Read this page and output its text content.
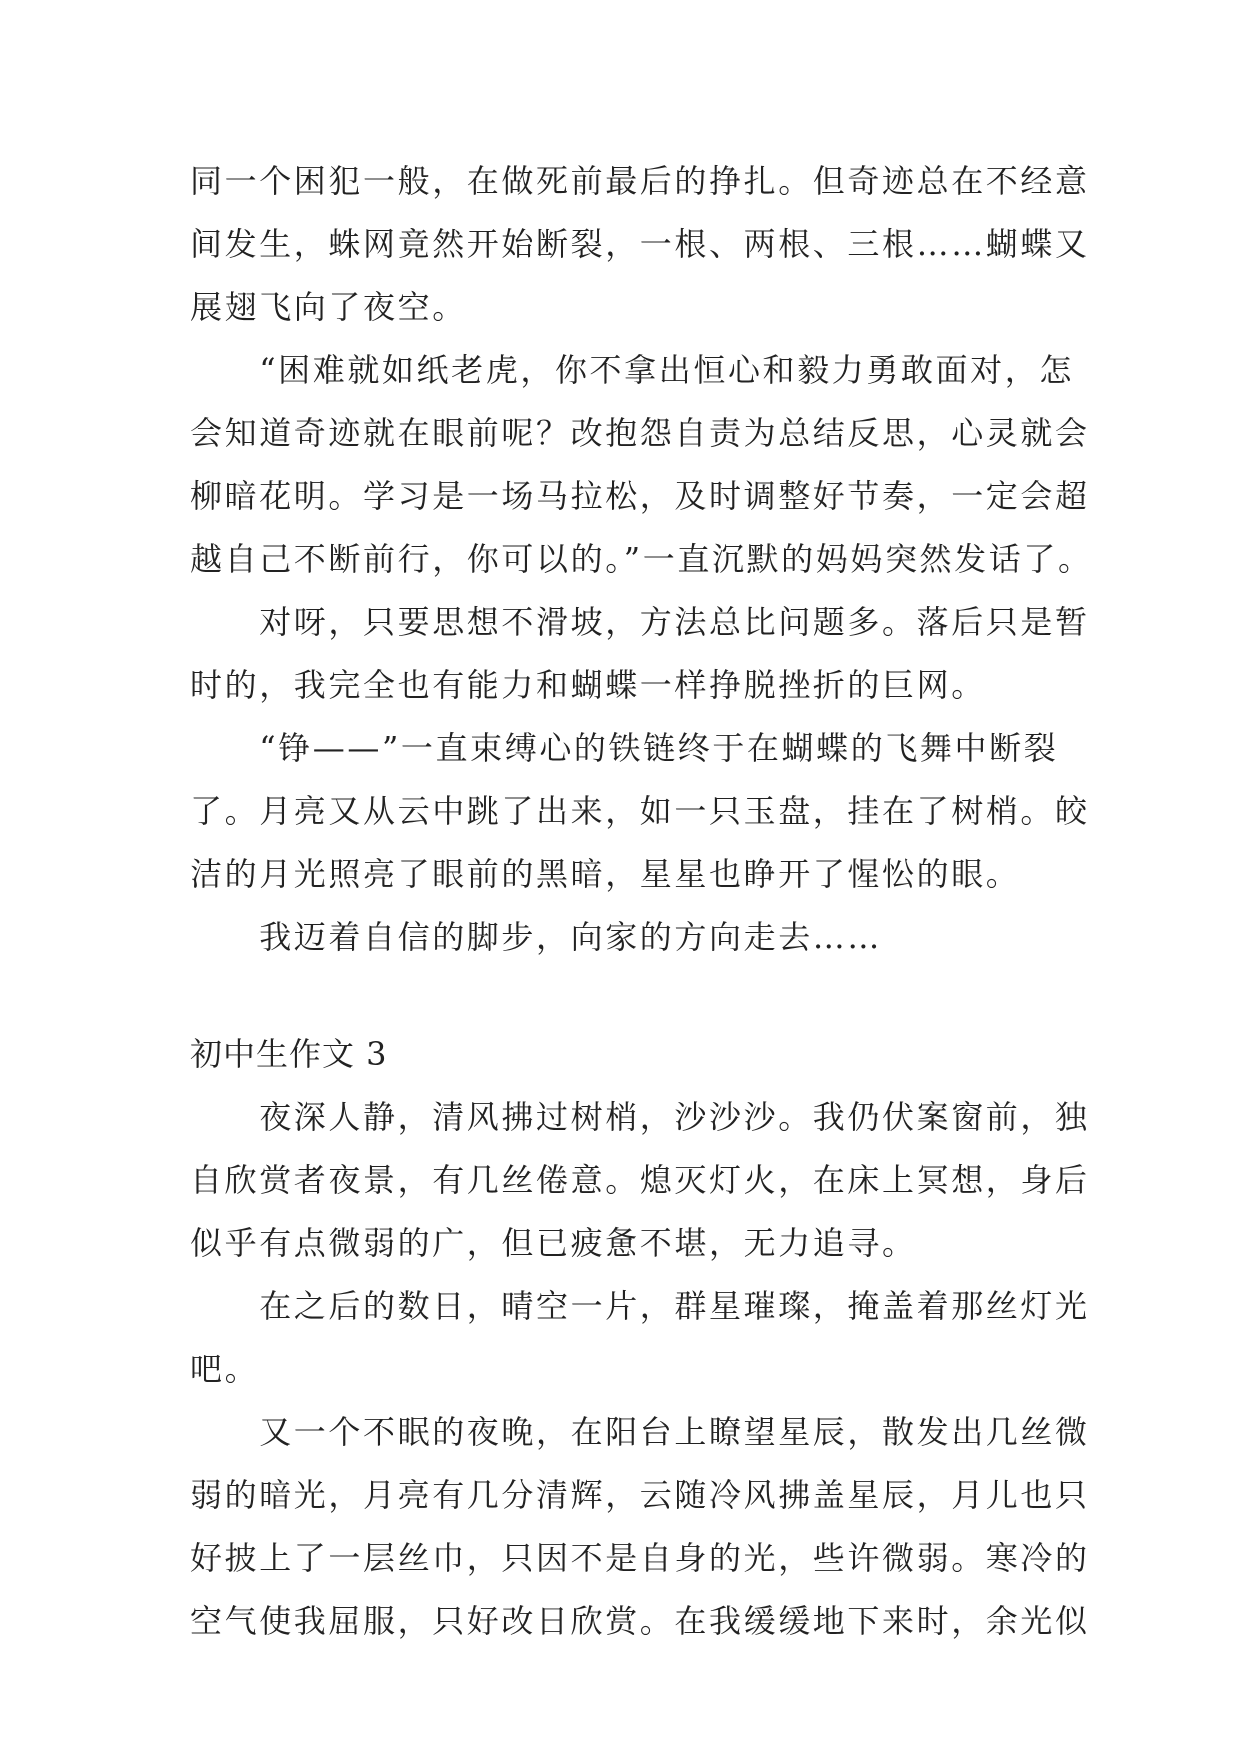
同一个困犯一般，在做死前最后的挣扎。但奇迹总在不经意
间发生，蛛网竟然开始断裂，一根、两根、三根……蝴蝶又
展翅飞向了夜空。
　　“困难就如纸老虎，你不拿出恒心和毅力勇敢面对，怎
会知道奇迹就在眼前呢？改抱怨自责为总结反思，心灵就会
柳暗花明。学习是一场马拉松，及时调整好节奏，一定会超
越自己不断前行，你可以的。”一直沉默的妈妈突然发话了。
　　对呀，只要思想不滑坡，方法总比问题多。落后只是暂
时的，我完全也有能力和蝴蝶一样挣脱挫折的巨网。
　　“铮——”一直束缚心的铁链终于在蝴蝶的飞舞中断裂
了。月亮又从云中跳了出来，如一只玉盘，挂在了树梢。皎
洁的月光照亮了眼前的黑暗，星星也睁开了惺忪的眼。
　　我迈着自信的脚步，向家的方向走去……
初中生作文 3
　　夜深人静，清风拂过树梢，沙沙沙。我仍伏案窗前，独
自欣赏者夜景，有几丝倦意。熄灭灯火，在床上冥想，身后
似乎有点微弱的广，但已疲惫不堪，无力追寻。
　　在之后的数日，晴空一片，群星璀璨，掩盖着那丝灯光
吧。
　　又一个不眠的夜晚，在阳台上瞭望星辰，散发出几丝微
弱的暗光，月亮有几分清辉，云随冷风拂盖星辰，月儿也只
好披上了一层丝巾，只因不是自身的光，些许微弱。寒冷的
空气使我屈服，只好改日欣赏。在我缓缓地下来时，余光似
